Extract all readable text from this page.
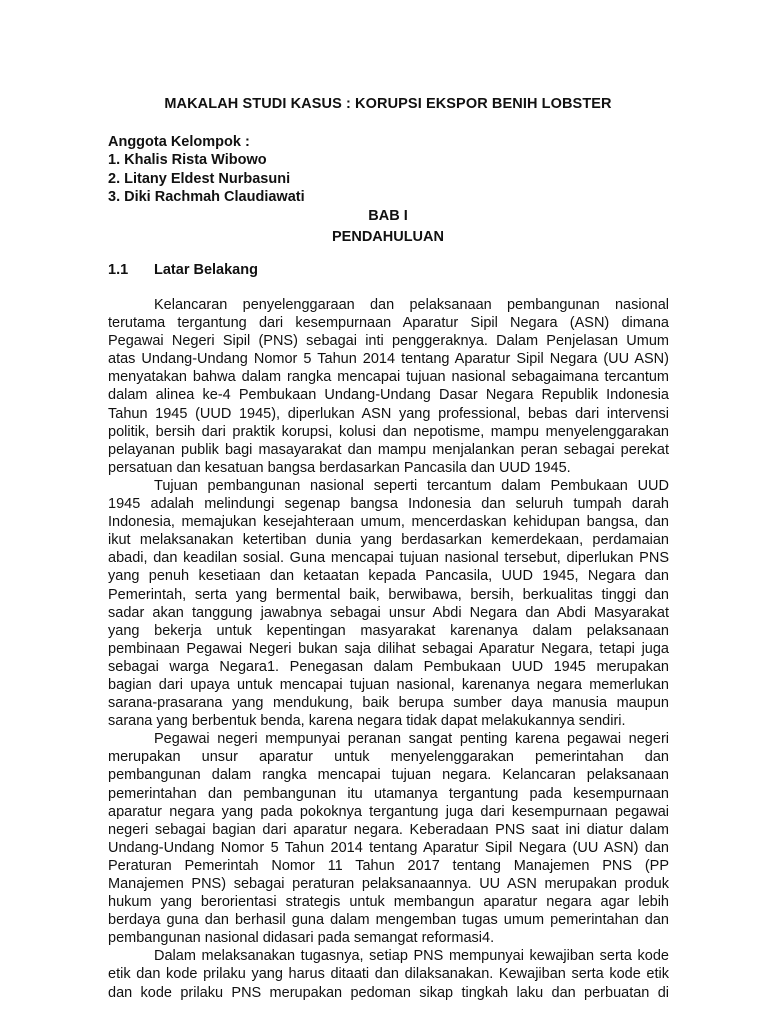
MAKALAH STUDI KASUS : KORUPSI EKSPOR BENIH LOBSTER
Anggota Kelompok :
1. Khalis Rista Wibowo
2. Litany Eldest Nurbasuni
3. Diki Rachmah Claudiawati
BAB I
PENDAHULUAN
1.1 Latar Belakang
Kelancaran penyelenggaraan dan pelaksanaan pembangunan nasional
terutama tergantung dari kesempurnaan Aparatur Sipil Negara (ASN) dimana
Pegawai Negeri Sipil (PNS) sebagai inti penggeraknya. Dalam Penjelasan Umum
atas Undang-Undang Nomor 5 Tahun 2014 tentang Aparatur Sipil Negara (UU ASN)
menyatakan bahwa dalam rangka mencapai tujuan nasional sebagaimana tercantum
dalam alinea ke-4 Pembukaan Undang-Undang Dasar Negara Republik Indonesia
Tahun 1945 (UUD 1945), diperlukan ASN yang professional, bebas dari intervensi
politik, bersih dari praktik korupsi, kolusi dan nepotisme, mampu menyelenggarakan
pelayanan publik bagi masayarakat dan mampu menjalankan peran sebagai perekat
persatuan dan kesatuan bangsa berdasarkan Pancasila dan UUD 1945.
Tujuan pembangunan nasional seperti tercantum dalam Pembukaan UUD
1945 adalah melindungi segenap bangsa Indonesia dan seluruh tumpah darah
Indonesia, memajukan kesejahteraan umum, mencerdaskan kehidupan bangsa, dan
ikut melaksanakan ketertiban dunia yang berdasarkan kemerdekaan, perdamaian
abadi, dan keadilan sosial. Guna mencapai tujuan nasional tersebut, diperlukan PNS
yang penuh kesetiaan dan ketaatan kepada Pancasila, UUD 1945, Negara dan
Pemerintah, serta yang bermental baik, berwibawa, bersih, berkualitas tinggi dan
sadar akan tanggung jawabnya sebagai unsur Abdi Negara dan Abdi Masyarakat
yang bekerja untuk kepentingan masyarakat karenanya dalam pelaksanaan
pembinaan Pegawai Negeri bukan saja dilihat sebagai Aparatur Negara, tetapi juga
sebagai warga Negara1. Penegasan dalam Pembukaan UUD 1945 merupakan
bagian dari upaya untuk mencapai tujuan nasional, karenanya negara memerlukan
sarana-prasarana yang mendukung, baik berupa sumber daya manusia maupun
sarana yang berbentuk benda, karena negara tidak dapat melakukannya sendiri.
Pegawai negeri mempunyai peranan sangat penting karena pegawai negeri
merupakan unsur aparatur untuk menyelenggarakan pemerintahan dan
pembangunan dalam rangka mencapai tujuan negara. Kelancaran pelaksanaan
pemerintahan dan pembangunan itu utamanya tergantung pada kesempurnaan
aparatur negara yang pada pokoknya tergantung juga dari kesempurnaan pegawai
negeri sebagai bagian dari aparatur negara. Keberadaan PNS saat ini diatur dalam
Undang-Undang Nomor 5 Tahun 2014 tentang Aparatur Sipil Negara (UU ASN) dan
Peraturan Pemerintah Nomor 11 Tahun 2017 tentang Manajemen PNS (PP
Manajemen PNS) sebagai peraturan pelaksanaannya. UU ASN merupakan produk
hukum yang berorientasi strategis untuk membangun aparatur negara agar lebih
berdaya guna dan berhasil guna dalam mengemban tugas umum pemerintahan dan
pembangunan nasional didasari pada semangat reformasi4.
Dalam melaksanakan tugasnya, setiap PNS mempunyai kewajiban serta kode
etik dan kode prilaku yang harus ditaati dan dilaksanakan. Kewajiban serta kode etik
dan kode prilaku PNS merupakan pedoman sikap tingkah laku dan perbuatan di
